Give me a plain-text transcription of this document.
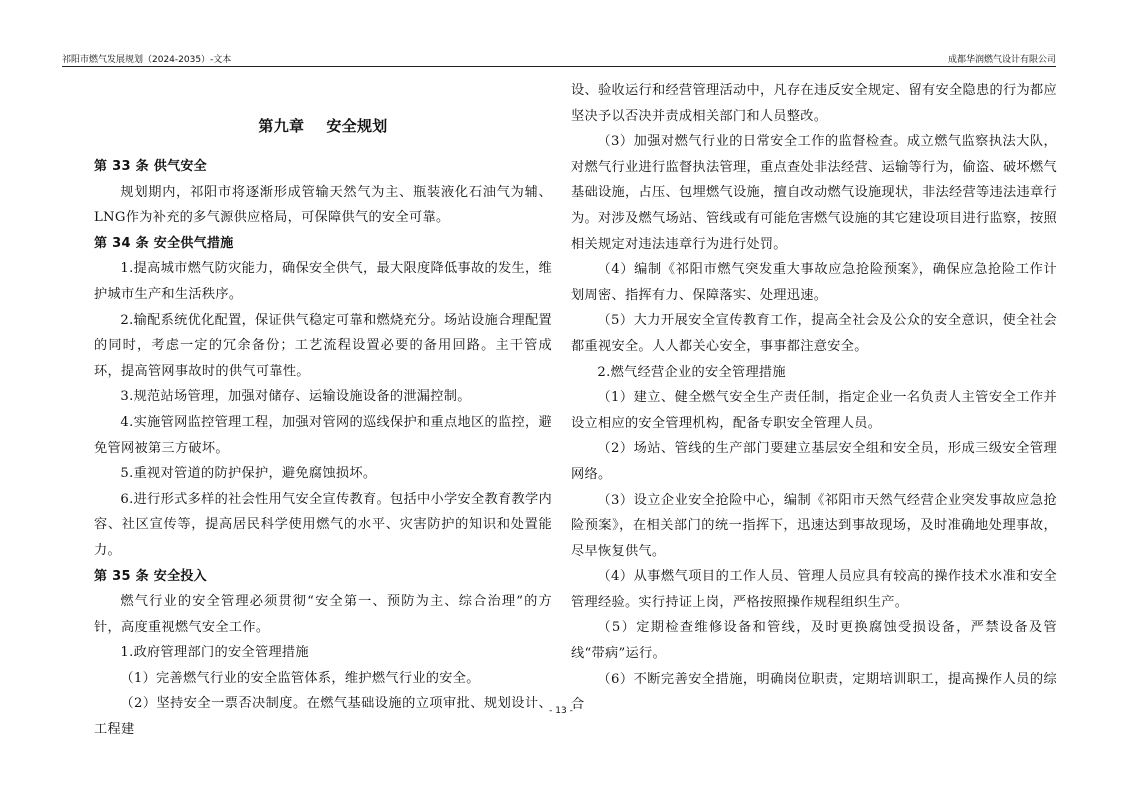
祁阳市燃气发展规划（2024-2035）-文本	成都华润燃气设计有限公司
第九章    安全规划

第 33 条 供气安全

规划期内，祁阳市将逐渐形成管输天然气为主、瓶装液化石油气为辅、LNG作为补充的多气源供应格局，可保障供气的安全可靠。

第 34 条 安全供气措施

1.提高城市燃气防灾能力，确保安全供气，最大限度降低事故的发生，维护城市生产和生活秩序。

2.输配系统优化配置，保证供气稳定可靠和燃烧充分。场站设施合理配置的同时，考虑一定的冗余备份；工艺流程设置必要的备用回路。主干管成环，提高管网事故时的供气可靠性。

3.规范站场管理，加强对储存、运输设施设备的泄漏控制。

4.实施管网监控管理工程，加强对管网的巡线保护和重点地区的监控，避免管网被第三方破坏。

5.重视对管道的防护保护，避免腐蚀损坏。

6.进行形式多样的社会性用气安全宣传教育。包括中小学安全教育教学内容、社区宣传等，提高居民科学使用燃气的水平、灾害防护的知识和处置能力。

第 35 条 安全投入

燃气行业的安全管理必须贯彻“安全第一、预防为主、综合治理”的方针，高度重视燃气安全工作。

1.政府管理部门的安全管理措施

（1）完善燃气行业的安全监管体系，维护燃气行业的安全。

（2）坚持安全一票否决制度。在燃气基础设施的立项审批、规划设计、工程建

设、验收运行和经营管理活动中，凡存在违反安全规定、留有安全隐患的行为都应坚决予以否决并责成相关部门和人员整改。

（3）加强对燃气行业的日常安全工作的监督检查。成立燃气监察执法大队，对燃气行业进行监督执法管理，重点查处非法经营、运输等行为，偷盗、破坏燃气基础设施，占压、包埋燃气设施，擅自改动燃气设施现状，非法经营等违法违章行为。对涉及燃气场站、管线或有可能危害燃气设施的其它建设项目进行监察，按照相关规定对违法违章行为进行处罚。

（4）编制《祁阳市燃气突发重大事故应急抢险预案》，确保应急抢险工作计划周密、指挥有力、保障落实、处理迅速。

（5）大力开展安全宣传教育工作，提高全社会及公众的安全意识，使全社会都重视安全。人人都关心安全，事事都注意安全。

2.燃气经营企业的安全管理措施

（1）建立、健全燃气安全生产责任制，指定企业一名负责人主管安全工作并设立相应的安全管理机构，配备专职安全管理人员。

（2）场站、管线的生产部门要建立基层安全组和安全员，形成三级安全管理网络。

（3）设立企业安全抢险中心，编制《祁阳市天然气经营企业突发事故应急抢险预案》，在相关部门的统一指挥下，迅速达到事故现场，及时准确地处理事故，尽早恢复供气。

（4）从事燃气项目的工作人员、管理人员应具有较高的操作技术水准和安全管理经验。实行持证上岗，严格按照操作规程组织生产。

（5）定期检查维修设备和管线，及时更换腐蚀受损设备，严禁设备及管线“带病”运行。

（6）不断完善安全措施，明确岗位职责，定期培训职工，提高操作人员的综合

- 13 -
